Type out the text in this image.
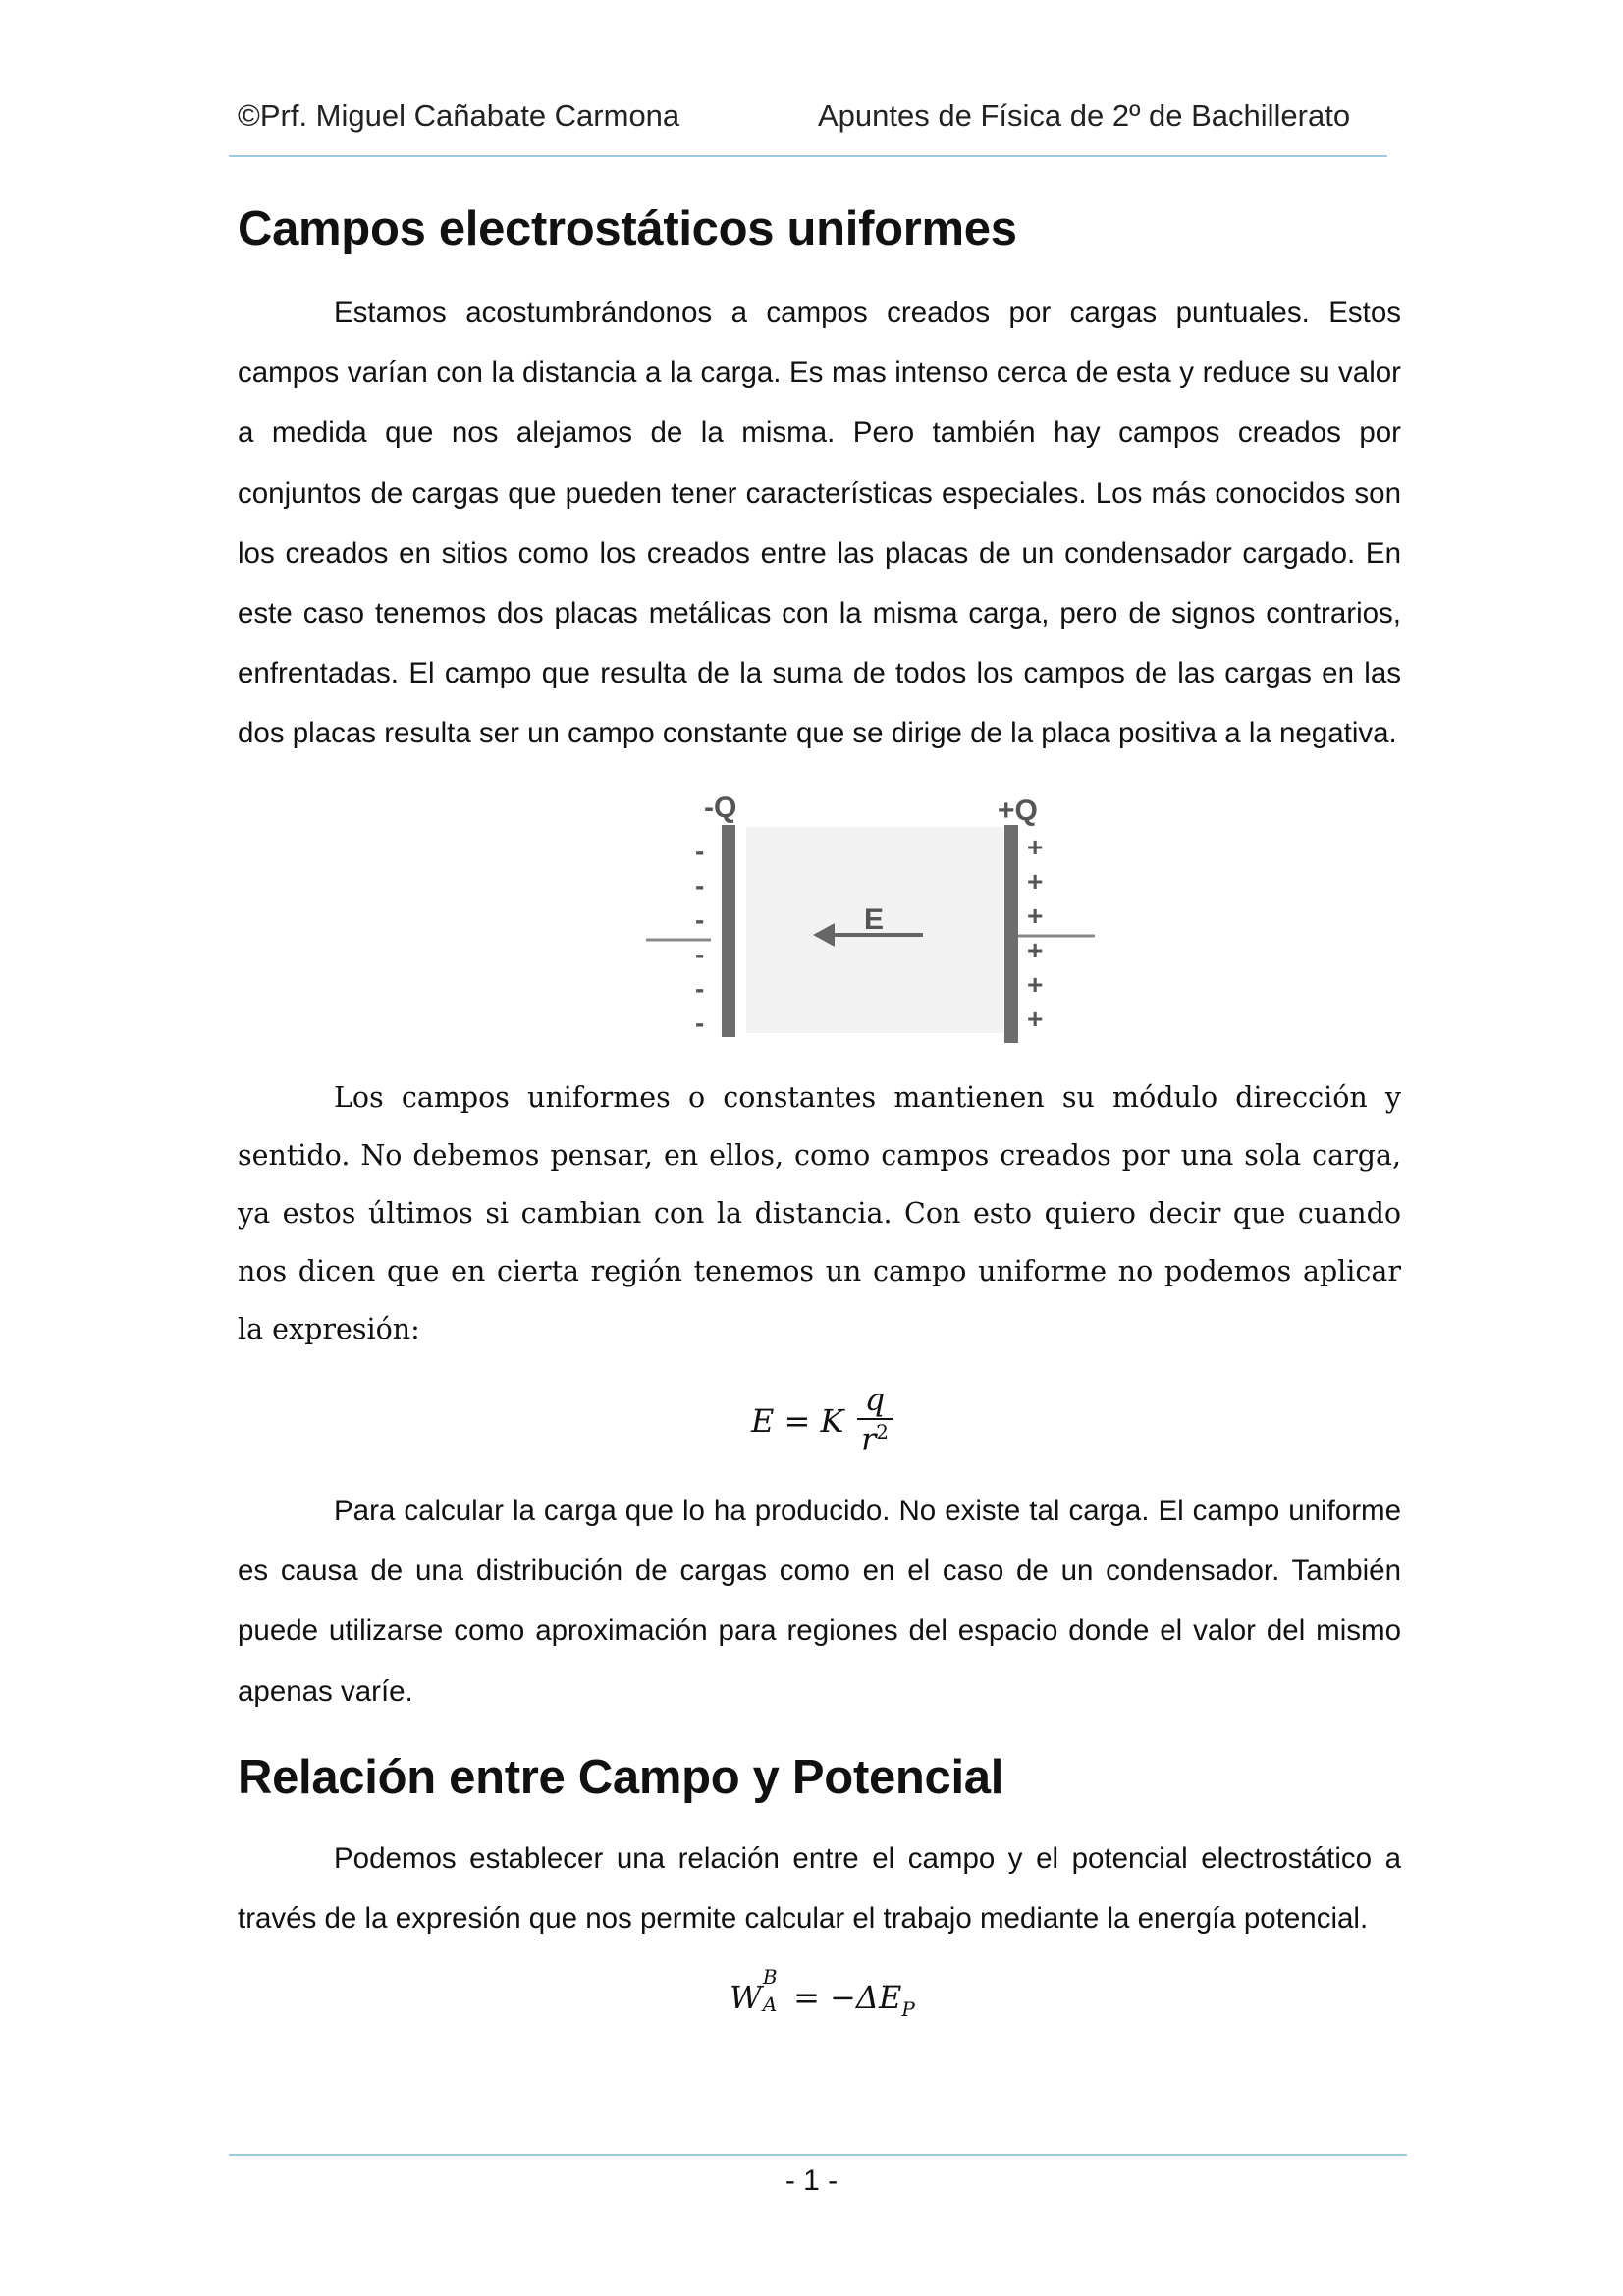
©Prf. Miguel Cañabate Carmona	Apuntes de Física de 2º de Bachillerato
Campos electrostáticos uniformes

Estamos acostumbrándonos a campos creados por cargas puntuales. Estos campos varían con la distancia a la carga. Es mas intenso cerca de esta y reduce su valor a medida que nos alejamos de la misma. Pero también hay campos creados por conjuntos de cargas que pueden tener características especiales. Los más conocidos son los creados en sitios como los creados entre las placas de un condensador cargado. En este caso tenemos dos placas metálicas con la misma carga, pero de signos contrarios, enfrentadas. El campo que resulta de la suma de todos los campos de las cargas en las dos placas resulta ser un campo constante que se dirige de la placa positiva a la negativa.

-Q	+Q
-
-
-
-
-
-
+
+
+
+
+
+
E

Los campos uniformes o constantes mantienen su módulo dirección y sentido. No debemos pensar, en ellos, como campos creados por una sola carga, ya estos últimos si cambian con la distancia. Con esto quiero decir que cuando nos dicen que en cierta región tenemos un campo uniforme no podemos aplicar la expresión:

E = K
q
$r^2$

Para calcular la carga que lo ha producido. No existe tal carga. El campo uniforme es causa de una distribución de cargas como en el caso de un condensador. También puede utilizarse como aproximación para regiones del espacio donde el valor del mismo apenas varíe.

Relación entre Campo y Potencial

Podemos establecer una relación entre el campo y el potencial electrostático a través de la expresión que nos permite calcular el trabajo mediante la energía potencial.

W
B
$A = -\Delta E_P$
- 1 -
